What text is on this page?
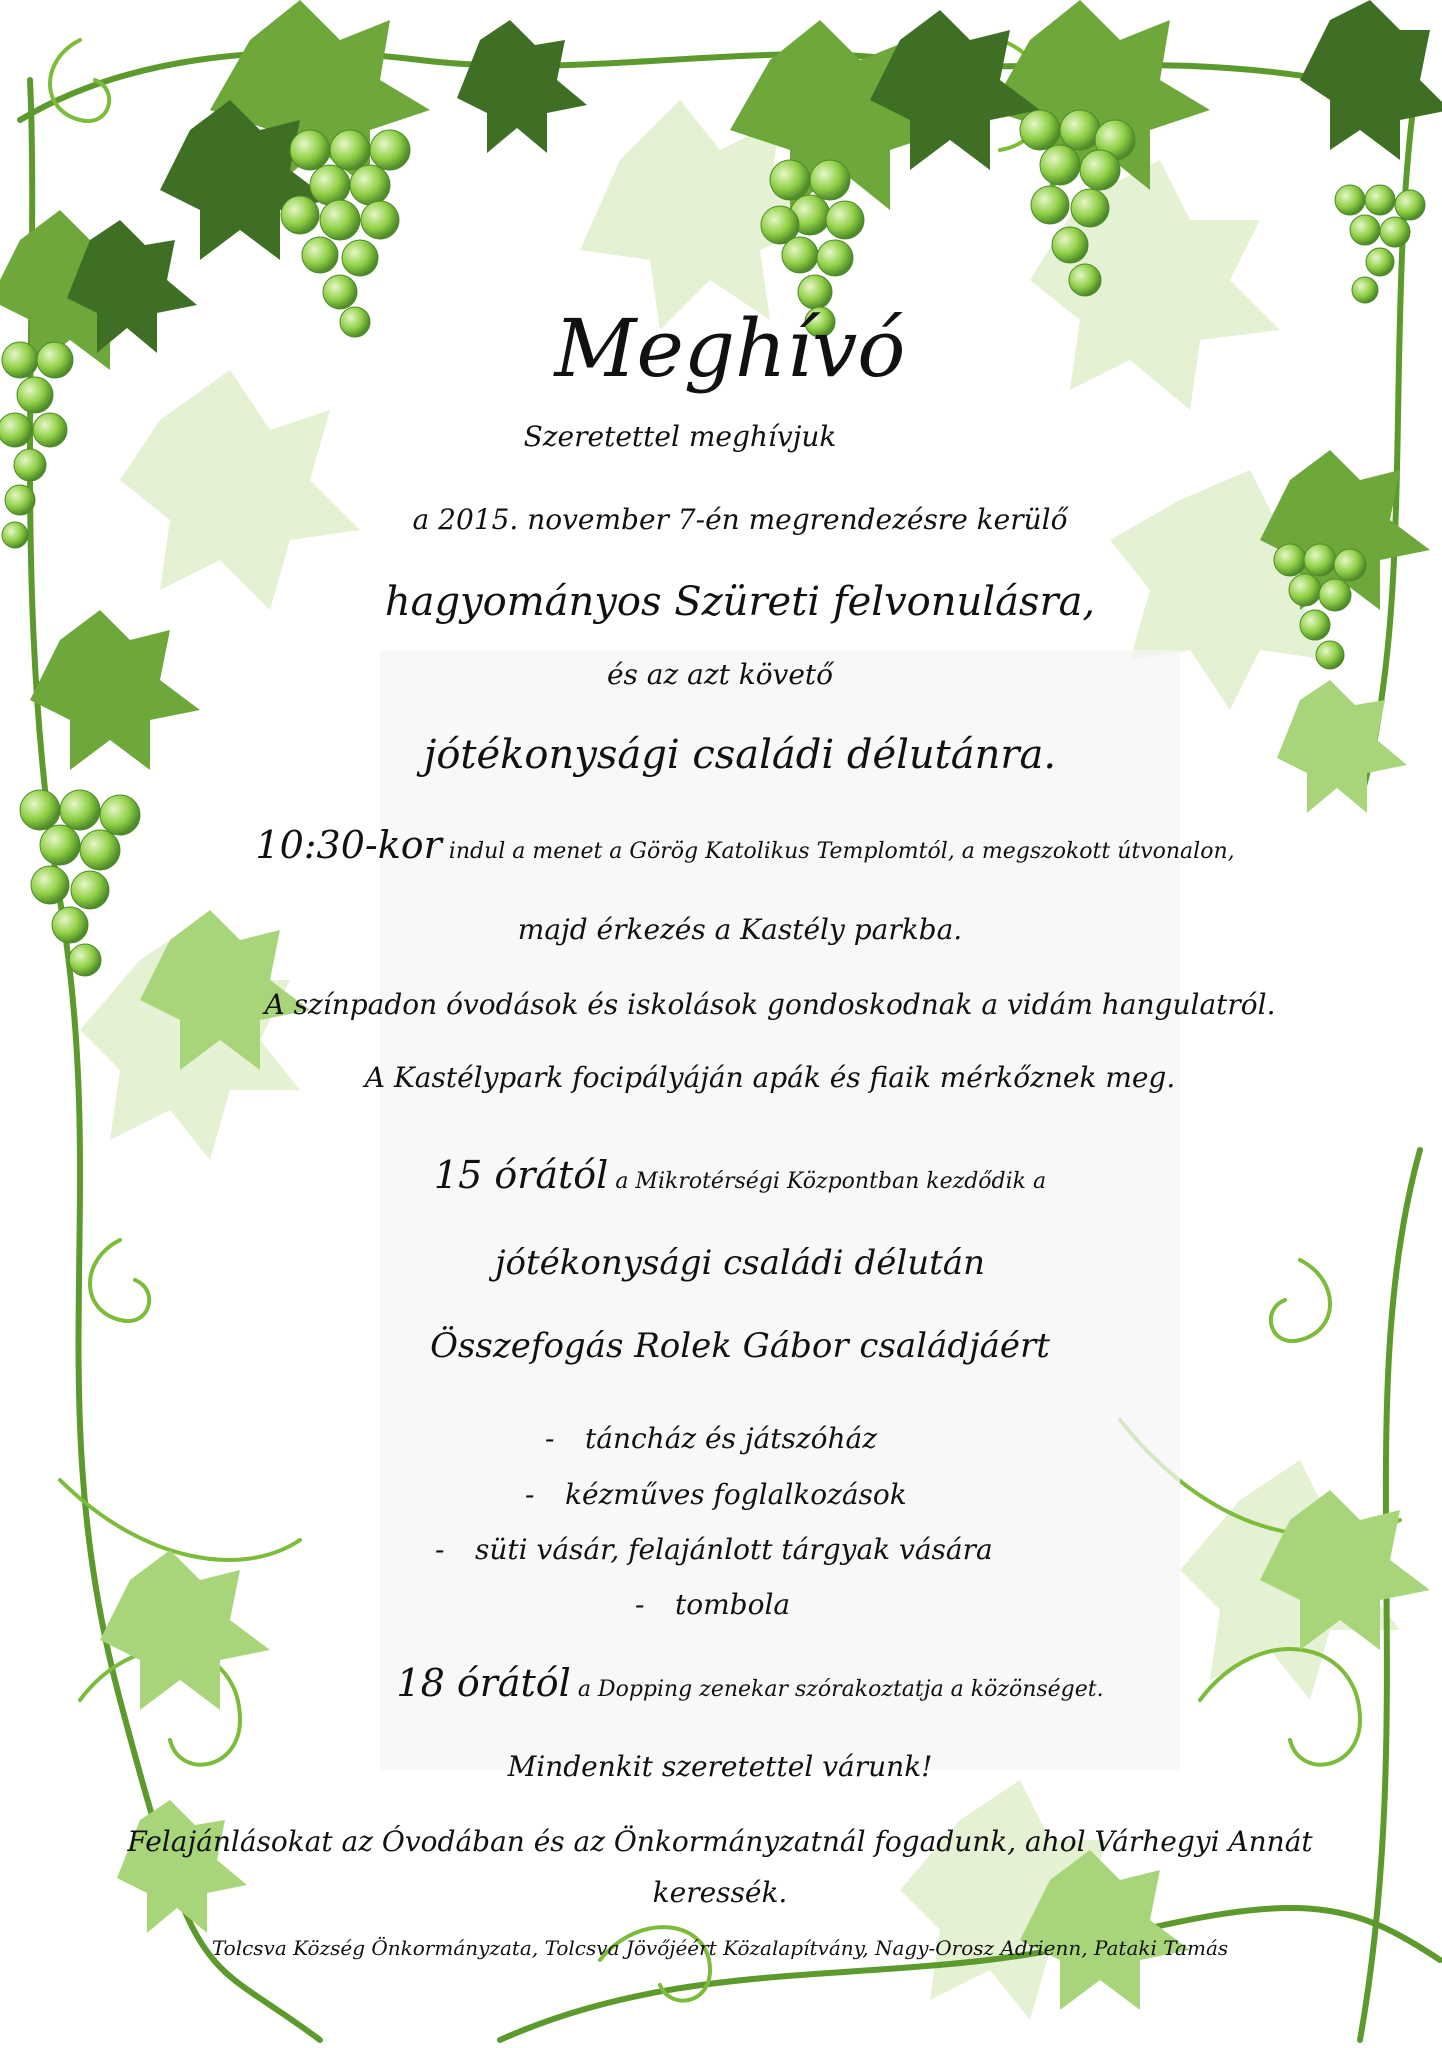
Meghívó
Szeretettel meghívjuk
a 2015. november 7-én megrendezésre kerülő
hagyományos Szüreti felvonulásra,
és az azt követő
jótékonysági családi délutánra.
10:30-kor indul a menet a Görög Katolikus Templomtól, a megszokott útvonalon,
majd érkezés a Kastély parkba.
A színpadon óvodások és iskolások gondoskodnak a vidám hangulatról.
A Kastélypark focipályáján apák és fiaik mérkőznek meg.
15 órától a Mikrotérségi Központban kezdődik a
jótékonysági családi délután
Összefogás Rolek Gábor családjáért
- táncház és játszóház
- kézműves foglalkozások
- süti vásár, felajánlott tárgyak vására
- tombola
18 órától a Dopping zenekar szórakoztatja a közönséget.
Mindenkit szeretettel várunk!
Felajánlásokat az Óvodában és az Önkormányzatnál fogadunk, ahol Várhegyi Annát
keressék.
Tolcsva Község Önkormányzata, Tolcsva Jövőjéért Közalapítvány, Nagy-Orosz Adrienn, Pataki Tamás
